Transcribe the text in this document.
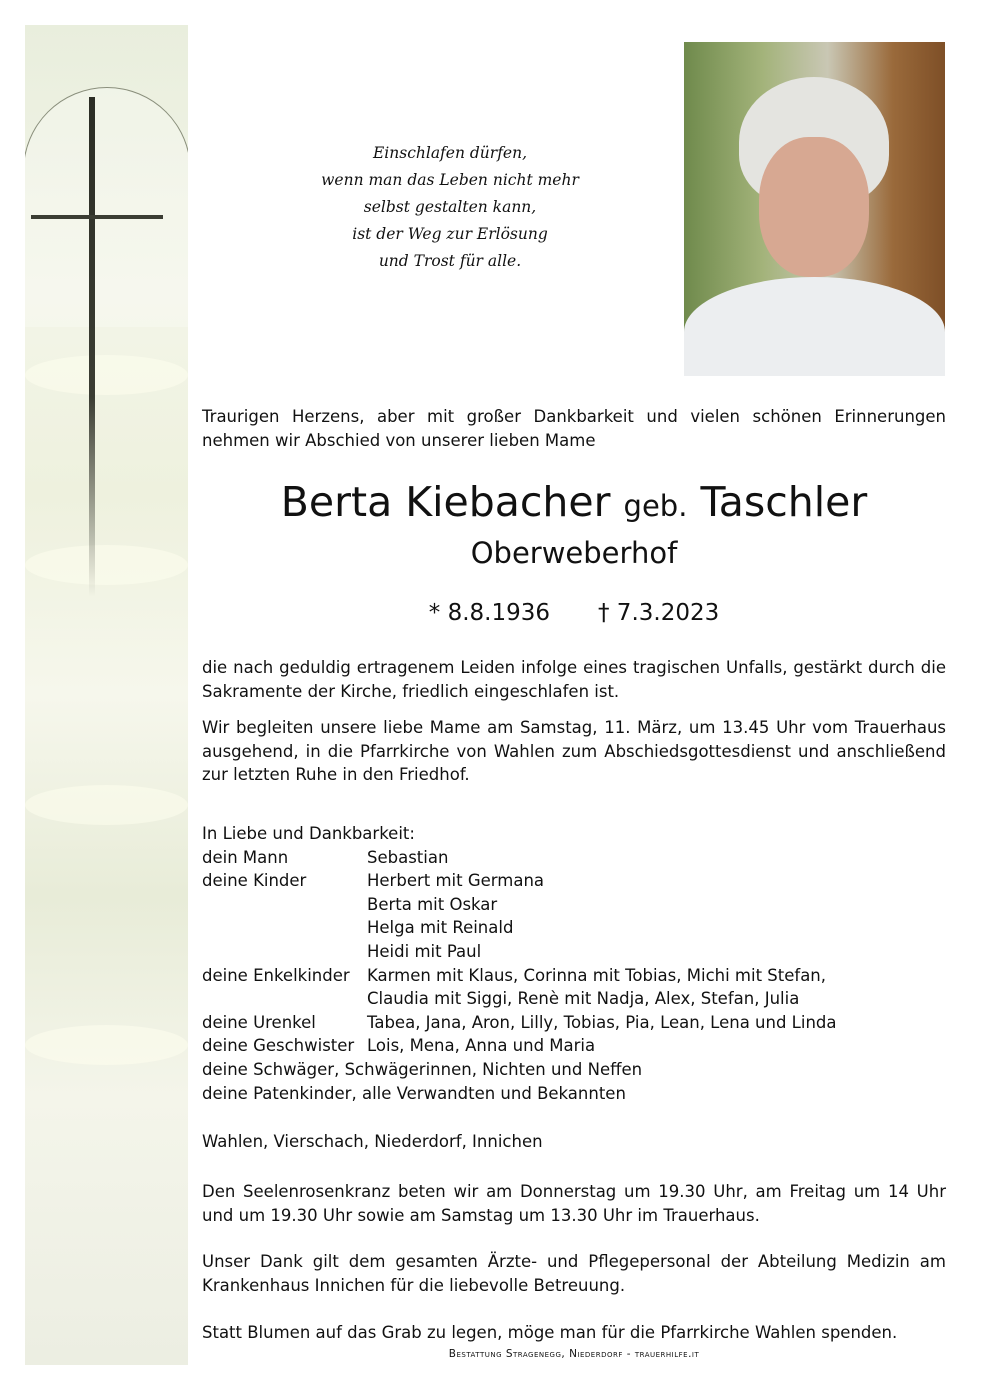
Einschlafen dürfen,
wenn man das Leben nicht mehr
selbst gestalten kann,
ist der Weg zur Erlösung
und Trost für alle.
Traurigen Herzens, aber mit großer Dankbarkeit und vielen schönen Erinnerungen nehmen wir Abschied von unserer lieben Mame
Berta Kiebacher geb. Taschler
Oberweberhof
* 8.8.1936 † 7.3.2023
die nach geduldig ertragenem Leiden infolge eines tragischen Unfalls, gestärkt durch die Sakramente der Kirche, friedlich eingeschlafen ist.
Wir begleiten unsere liebe Mame am Samstag, 11. März, um 13.45 Uhr vom Trauerhaus ausgehend, in die Pfarrkirche von Wahlen zum Abschiedsgottesdienst und anschließend zur letzten Ruhe in den Friedhof.
In Liebe und Dankbarkeit:
dein Mann	Sebastian
deine Kinder	Herbert mit Germana
Berta mit Oskar
Helga mit Reinald
Heidi mit Paul
deine Enkelkinder	Karmen mit Klaus, Corinna mit Tobias, Michi mit Stefan,
Claudia mit Siggi, Renè mit Nadja, Alex, Stefan, Julia
deine Urenkel	Tabea, Jana, Aron, Lilly, Tobias, Pia, Lean, Lena und Linda
deine Geschwister Lois, Mena, Anna und Maria
deine Schwäger, Schwägerinnen, Nichten und Neffen
deine Patenkinder, alle Verwandten und Bekannten
Wahlen, Vierschach, Niederdorf, Innichen
Den Seelenrosenkranz beten wir am Donnerstag um 19.30 Uhr, am Freitag um 14 Uhr und um 19.30 Uhr sowie am Samstag um 13.30 Uhr im Trauerhaus.
Unser Dank gilt dem gesamten Ärzte- und Pflegepersonal der Abteilung Medizin am Krankenhaus Innichen für die liebevolle Betreuung.
Statt Blumen auf das Grab zu legen, möge man für die Pfarrkirche Wahlen spenden.
Bestattung Stragenegg, Niederdorf - trauerhilfe.it
